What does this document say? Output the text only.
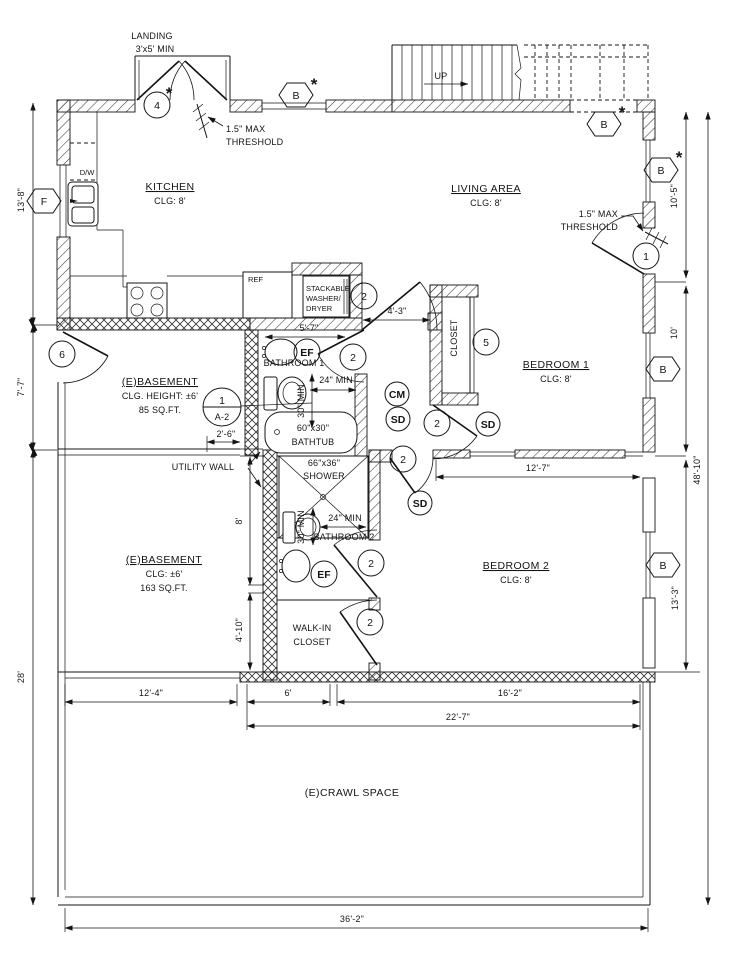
UP
13'-8"
7'-7"
28'
10'-5"
10'
13'-3"
48'-10"
4'-3"
5'-7"
2'-6"
12'-7"
24" MIN
30" MIN
24" MIN
30" MIN
8'
4'-10"
12'-4"	6'	16'-2"
22'-7"
36'-2"
LANDING
3'x5' MIN
KITCHEN
CLG: 8'
LIVING AREA
CLG: 8'
(E)BASEMENT
CLG. HEIGHT: ±6'
85 SQ.FT.
BATHROOM 1
CLOSET
BEDROOM 1
CLG: 8'
(E)BASEMENT
CLG: ±6'
163 SQ.FT.
BATHROOM 2
BEDROOM 2
CLG: 8'
WALK-IN
CLOSET
(E)CRAWL SPACE
D/W
REF
STACKABLE
WASHER/
DRYER
60"x30"
BATHTUB
66"x36"
SHOWER
1.5" MAX
THRESHOLD
1.5" MAX
THRESHOLD
UTILITY WALL
4
*
1
6
5
2
2
2
2
2
2
EF
EF
CM
SD	SD
SD
1
A-2
F
B
*
B
*
B
*
B
B
